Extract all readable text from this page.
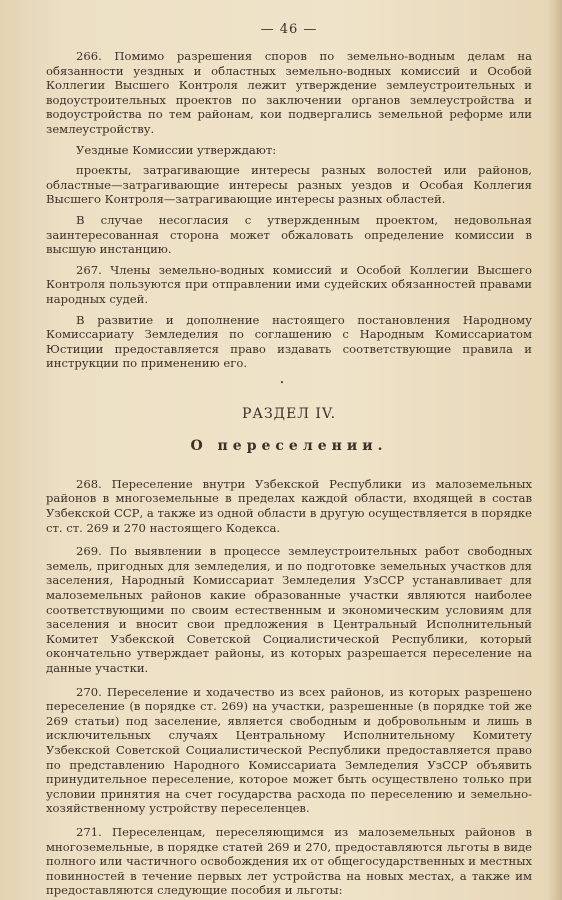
— 46 —

266. Помимо разрешения споров по земельно-водным делам на обязанности уездных и областных земельно-водных комиссий и Особой Коллегии Высшего Контроля лежит утверждение землеустроительных и водоустроительных проектов по заключении органов землеустройства и водоустройства по тем районам, кои подвергались земельной реформе или землеустройству.

Уездные Комиссии утверждают:

проекты, затрагивающие интересы разных волостей или районов, областные—затрагивающие интересы разных уездов и Особая Коллегия Высшего Контроля—затрагивающие интересы разных областей.

В случае несогласия с утвержденным проектом, недовольная заинтересованная сторона может обжаловать определение комиссии в высшую инстанцию.

267. Члены земельно-водных комиссий и Особой Коллегии Высшего Контроля пользуются при отправлении ими судейских обязанностей правами народных судей.

В развитие и дополнение настоящего постановления Народному Комиссариату Земледелия по соглашению с Народным Комиссариатом Юстиции предоставляется право издавать соответствующие правила и инструкции по применению его.

•
РАЗДЕЛ IV.
О переселении.

268. Переселение внутри Узбекской Республики из малоземельных районов в многоземельные в пределах каждой области, входящей в состав Узбекской ССР, а также из одной области в другую осуществляется в порядке ст. ст. 269 и 270 настоящего Кодекса.

269. По выявлении в процессе землеустроительных работ свободных земель, пригодных для земледелия, и по подготовке земельных участков для заселения, Народный Комиссариат Земледелия УзССР устанавливает для малоземельных районов какие образованные участки являются наиболее соответствующими по своим естественным и экономическим условиям для заселения и вносит свои предложения в Центральный Исполнительный Комитет Узбекской Советской Социалистической Республики, который окончательно утверждает районы, из которых разрешается переселение на данные участки.

270. Переселение и ходачество из всех районов, из которых разрешено переселение (в порядке ст. 269) на участки, разрешенные (в порядке той же 269 статьи) под заселение, является свободным и добровольным и лишь в исключительных случаях Центральному Исполнительному Комитету Узбекской Советской Социалистической Республики предоставляется право по представлению Народного Комиссариата Земледелия УзССР объявить принудительное переселение, которое может быть осуществлено только при условии принятия на счет государства расхода по переселению и земельно-хозяйственному устройству переселенцев.

271. Переселенцам, переселяющимся из малоземельных районов в многоземельные, в порядке статей 269 и 270, предоставляются льготы в виде полного или частичного освобождения их от общегосударственных и местных повинностей в течение первых лет устройства на новых местах, а также им предоставляются следующие пособия и льготы:
